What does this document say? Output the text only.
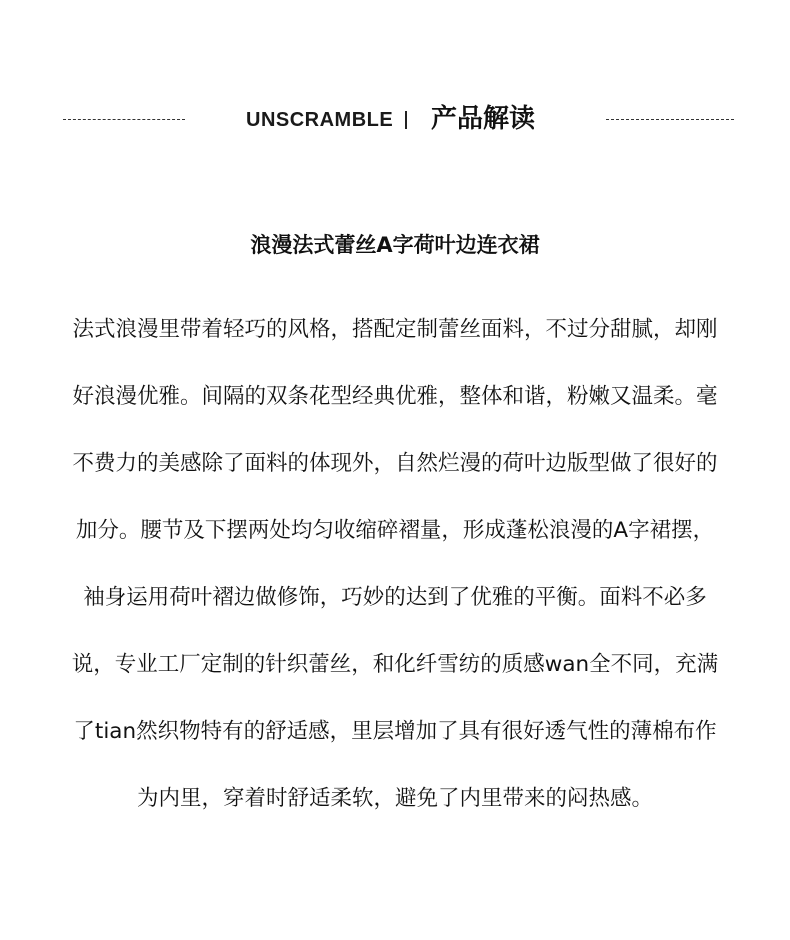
UNSCRAMBLE 产品解读
浪漫法式蕾丝A字荷叶边连衣裙
法式浪漫里带着轻巧的风格，搭配定制蕾丝面料，不过分甜腻，却刚
好浪漫优雅。间隔的双条花型经典优雅，整体和谐，粉嫩又温柔。毫
不费力的美感除了面料的体现外，自然烂漫的荷叶边版型做了很好的
加分。腰节及下摆两处均匀收缩碎褶量，形成蓬松浪漫的A字裙摆，
袖身运用荷叶褶边做修饰，巧妙的达到了优雅的平衡。面料不必多
说，专业工厂定制的针织蕾丝，和化纤雪纺的质感wan全不同，充满
了tian然织物特有的舒适感，里层增加了具有很好透气性的薄棉布作
为内里，穿着时舒适柔软，避免了内里带来的闷热感。
